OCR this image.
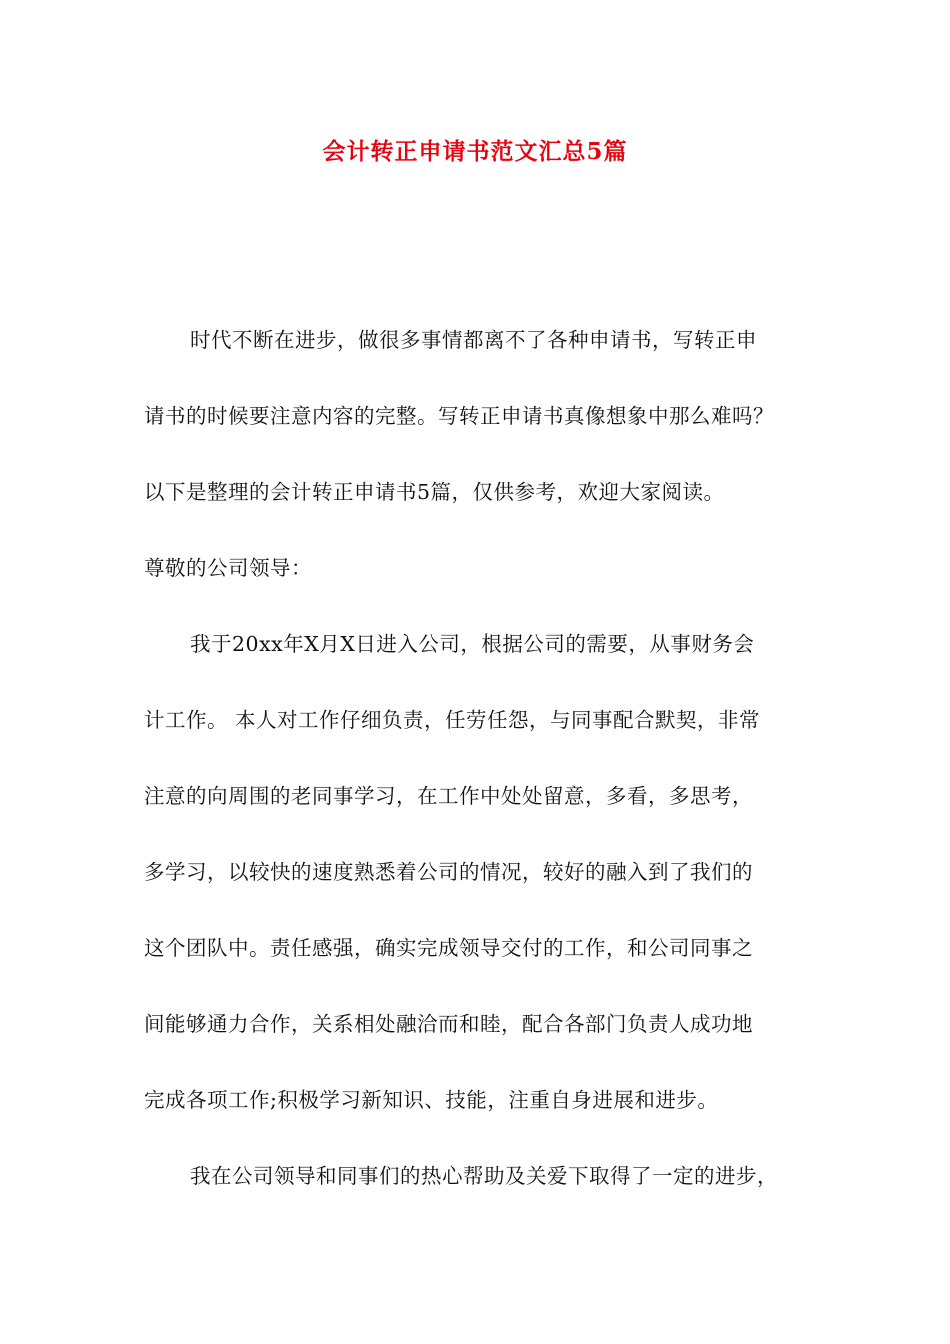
会计转正申请书范文汇总5篇
时代不断在进步，做很多事情都离不了各种申请书，写转正申
请书的时候要注意内容的完整。写转正申请书真像想象中那么难吗？
以下是整理的会计转正申请书5篇，仅供参考，欢迎大家阅读。
尊敬的公司领导：
我于20xx年X月X日进入公司，根据公司的需要，从事财务会
计工作。 本人对工作仔细负责，任劳任怨，与同事配合默契，非常
注意的向周围的老同事学习，在工作中处处留意，多看，多思考，
多学习，以较快的速度熟悉着公司的情况，较好的融入到了我们的
这个团队中。责任感强，确实完成领导交付的工作，和公司同事之
间能够通力合作，关系相处融洽而和睦，配合各部门负责人成功地
完成各项工作;积极学习新知识、技能，注重自身进展和进步。
我在公司领导和同事们的热心帮助及关爱下取得了一定的进步，
